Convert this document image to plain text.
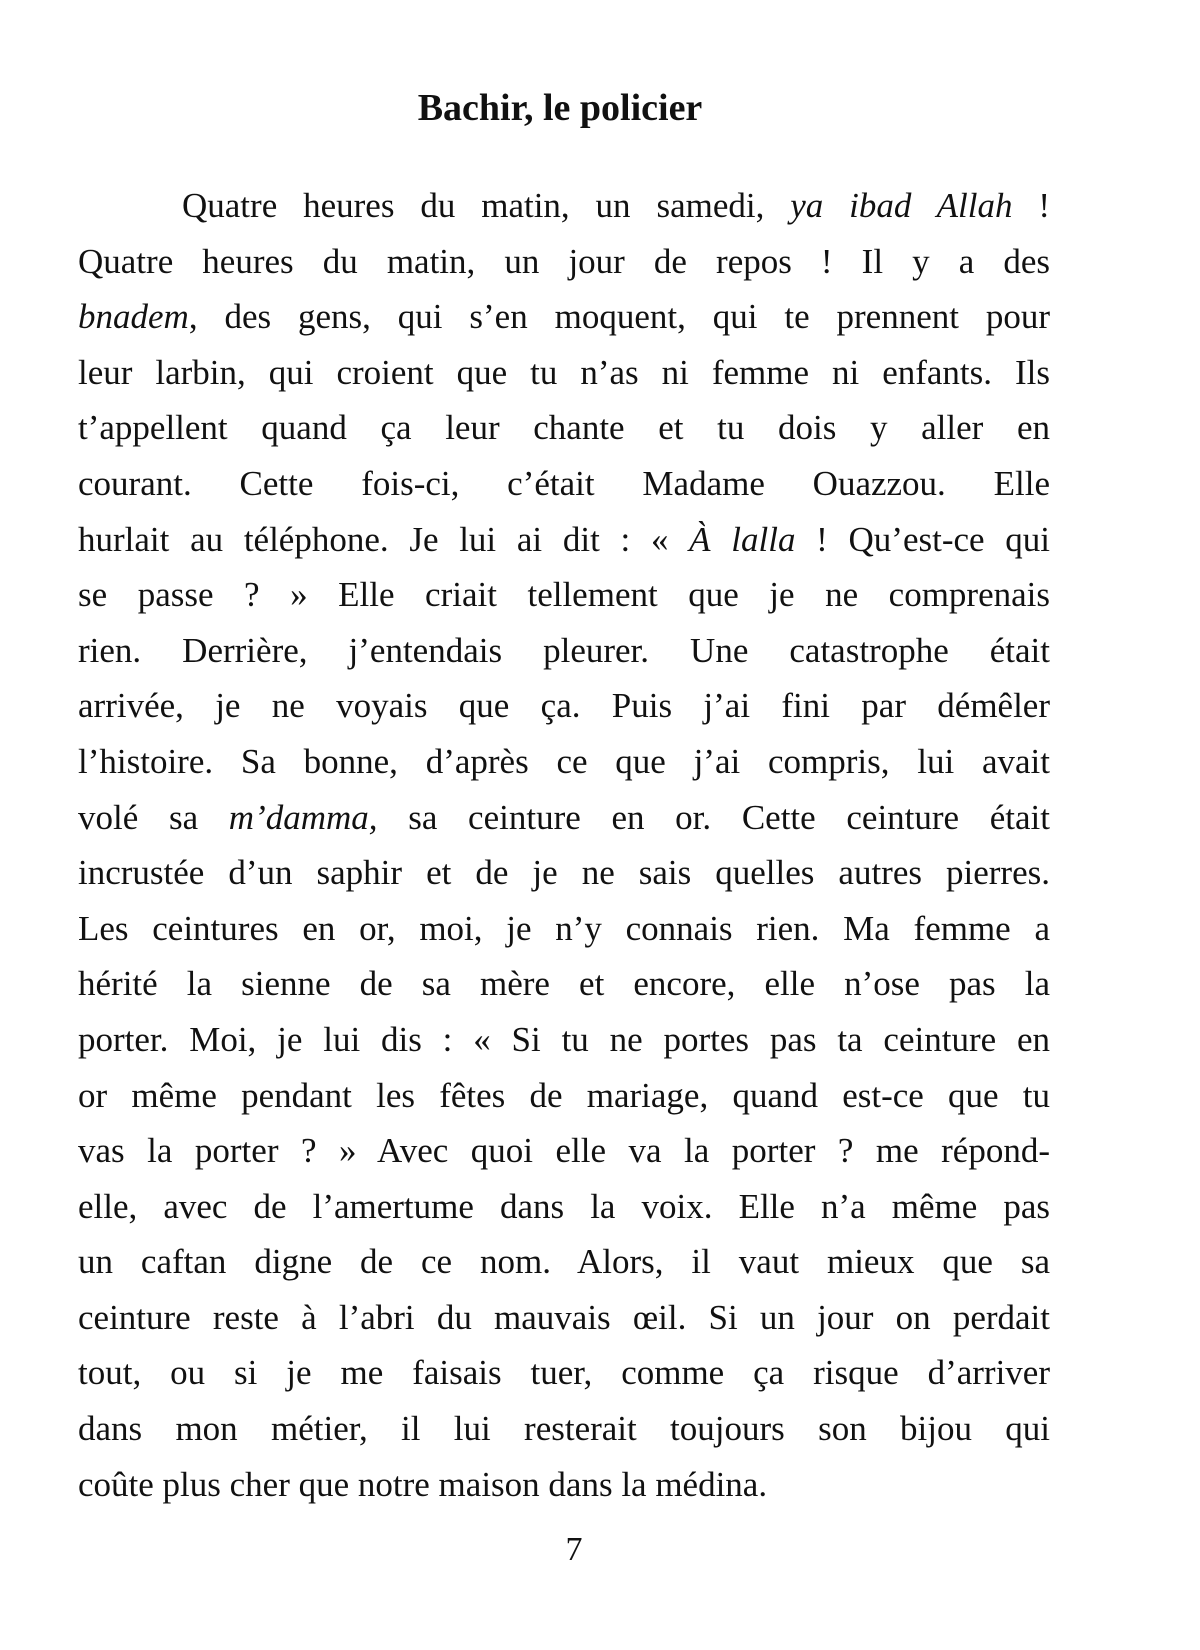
Bachir, le policier
Quatre heures du matin, un samedi, ya ibad Allah !
Quatre heures du matin, un jour de repos ! Il y a des
bnadem, des gens, qui s’en moquent, qui te prennent pour
leur larbin, qui croient que tu n’as ni femme ni enfants. Ils
t’appellent quand ça leur chante et tu dois y aller en
courant. Cette fois-ci, c’était Madame Ouazzou. Elle
hurlait au téléphone. Je lui ai dit : « À lalla ! Qu’est-ce qui
se passe ? » Elle criait tellement que je ne comprenais
rien. Derrière, j’entendais pleurer. Une catastrophe était
arrivée, je ne voyais que ça. Puis j’ai fini par démêler
l’histoire. Sa bonne, d’après ce que j’ai compris, lui avait
volé sa m’damma, sa ceinture en or. Cette ceinture était
incrustée d’un saphir et de je ne sais quelles autres pierres.
Les ceintures en or, moi, je n’y connais rien. Ma femme a
hérité la sienne de sa mère et encore, elle n’ose pas la
porter. Moi, je lui dis : « Si tu ne portes pas ta ceinture en
or même pendant les fêtes de mariage, quand est-ce que tu
vas la porter ? » Avec quoi elle va la porter ? me répond-
elle, avec de l’amertume dans la voix. Elle n’a même pas
un caftan digne de ce nom. Alors, il vaut mieux que sa
ceinture reste à l’abri du mauvais œil. Si un jour on perdait
tout, ou si je me faisais tuer, comme ça risque d’arriver
dans mon métier, il lui resterait toujours son bijou qui
coûte plus cher que notre maison dans la médina.
7
